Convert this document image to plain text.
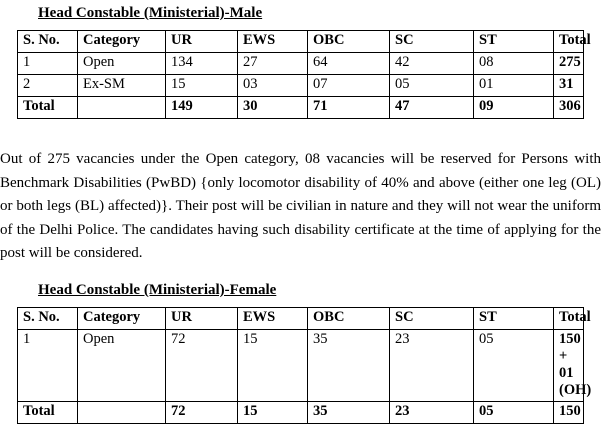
Head Constable (Ministerial)-Male
S. No.	Category	UR	EWS	OBC	SC	ST	Total
1	Open	134	27	64	42	08	275
2	Ex-SM	15	03	07	05	01	31
Total		149	30	71	47	09	306

Out of 275 vacancies under the Open category, 08 vacancies will be reserved for Persons with Benchmark Disabilities (PwBD) {only locomotor disability of 40% and above (either one leg (OL) or both legs (BL) affected)}. Their post will be civilian in nature and they will not wear the uniform of the Delhi Police. The candidates having such disability certificate at the time of applying for the post will be considered.

Head Constable (Ministerial)-Female
S. No.	Category	UR	EWS	OBC	SC	ST	Total
1	Open	72	15	35	23	05	150 + 01 (OH)
Total		72	15	35	23	05	150
